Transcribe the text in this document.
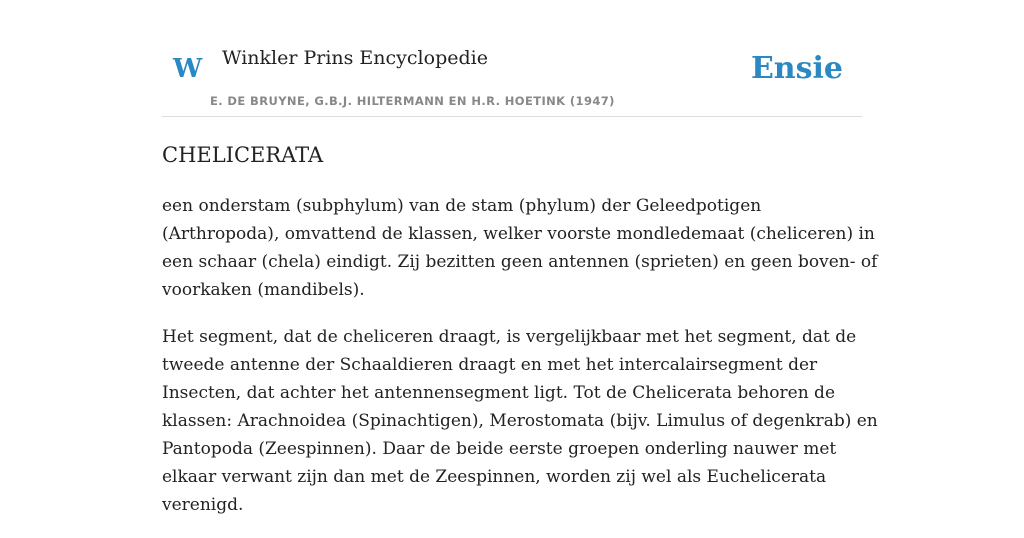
W Winkler Prins Encyclopedie
E. DE BRUYNE, G.B.J. HILTERMANN EN H.R. HOETINK (1947)
Ensie
CHELICERATA

een onderstam (subphylum) van de stam (phylum) der Geleedpotigen
(Arthropoda), omvattend de klassen, welker voorste mondledemaat (cheliceren) in
een schaar (chela) eindigt. Zij bezitten geen antennen (sprieten) en geen boven- of
voorkaken (mandibels).

Het segment, dat de cheliceren draagt, is vergelijkbaar met het segment, dat de
tweede antenne der Schaaldieren draagt en met het intercalairsegment der
Insecten, dat achter het antennensegment ligt. Tot de Chelicerata behoren de
klassen: Arachnoidea (Spinachtigen), Merostomata (bijv. Limulus of degenkrab) en
Pantopoda (Zeespinnen). Daar de beide eerste groepen onderling nauwer met
elkaar verwant zijn dan met de Zeespinnen, worden zij wel als Euchelicerata
verenigd.
